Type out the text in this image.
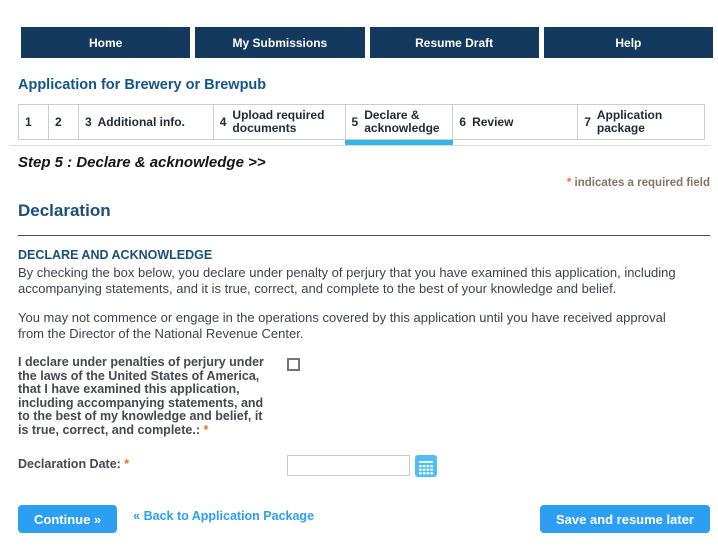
Home	My Submissions	Resume Draft	Help
Application for Brewery or Brewpub
1 2 3 Additional info.	4 Upload required documents	5 Declare & acknowledge	6 Review	7 Application package
Step 5 : Declare & acknowledge >>
* indicates a required field
Declaration
DECLARE AND ACKNOWLEDGE

By checking the box below, you declare under penalty of perjury that you have examined this application, including accompanying statements, and it is true, correct, and complete to the best of your knowledge and belief.

You may not commence or engage in the operations covered by this application until you have received approval from the Director of the National Revenue Center.

I declare under penalties of perjury under the laws of the United States of America, that I have examined this application, including accompanying statements, and to the best of my knowledge and belief, it is true, correct, and complete.: *
Declaration Date: *
Continue »	« Back to Application Package	Save and resume later
